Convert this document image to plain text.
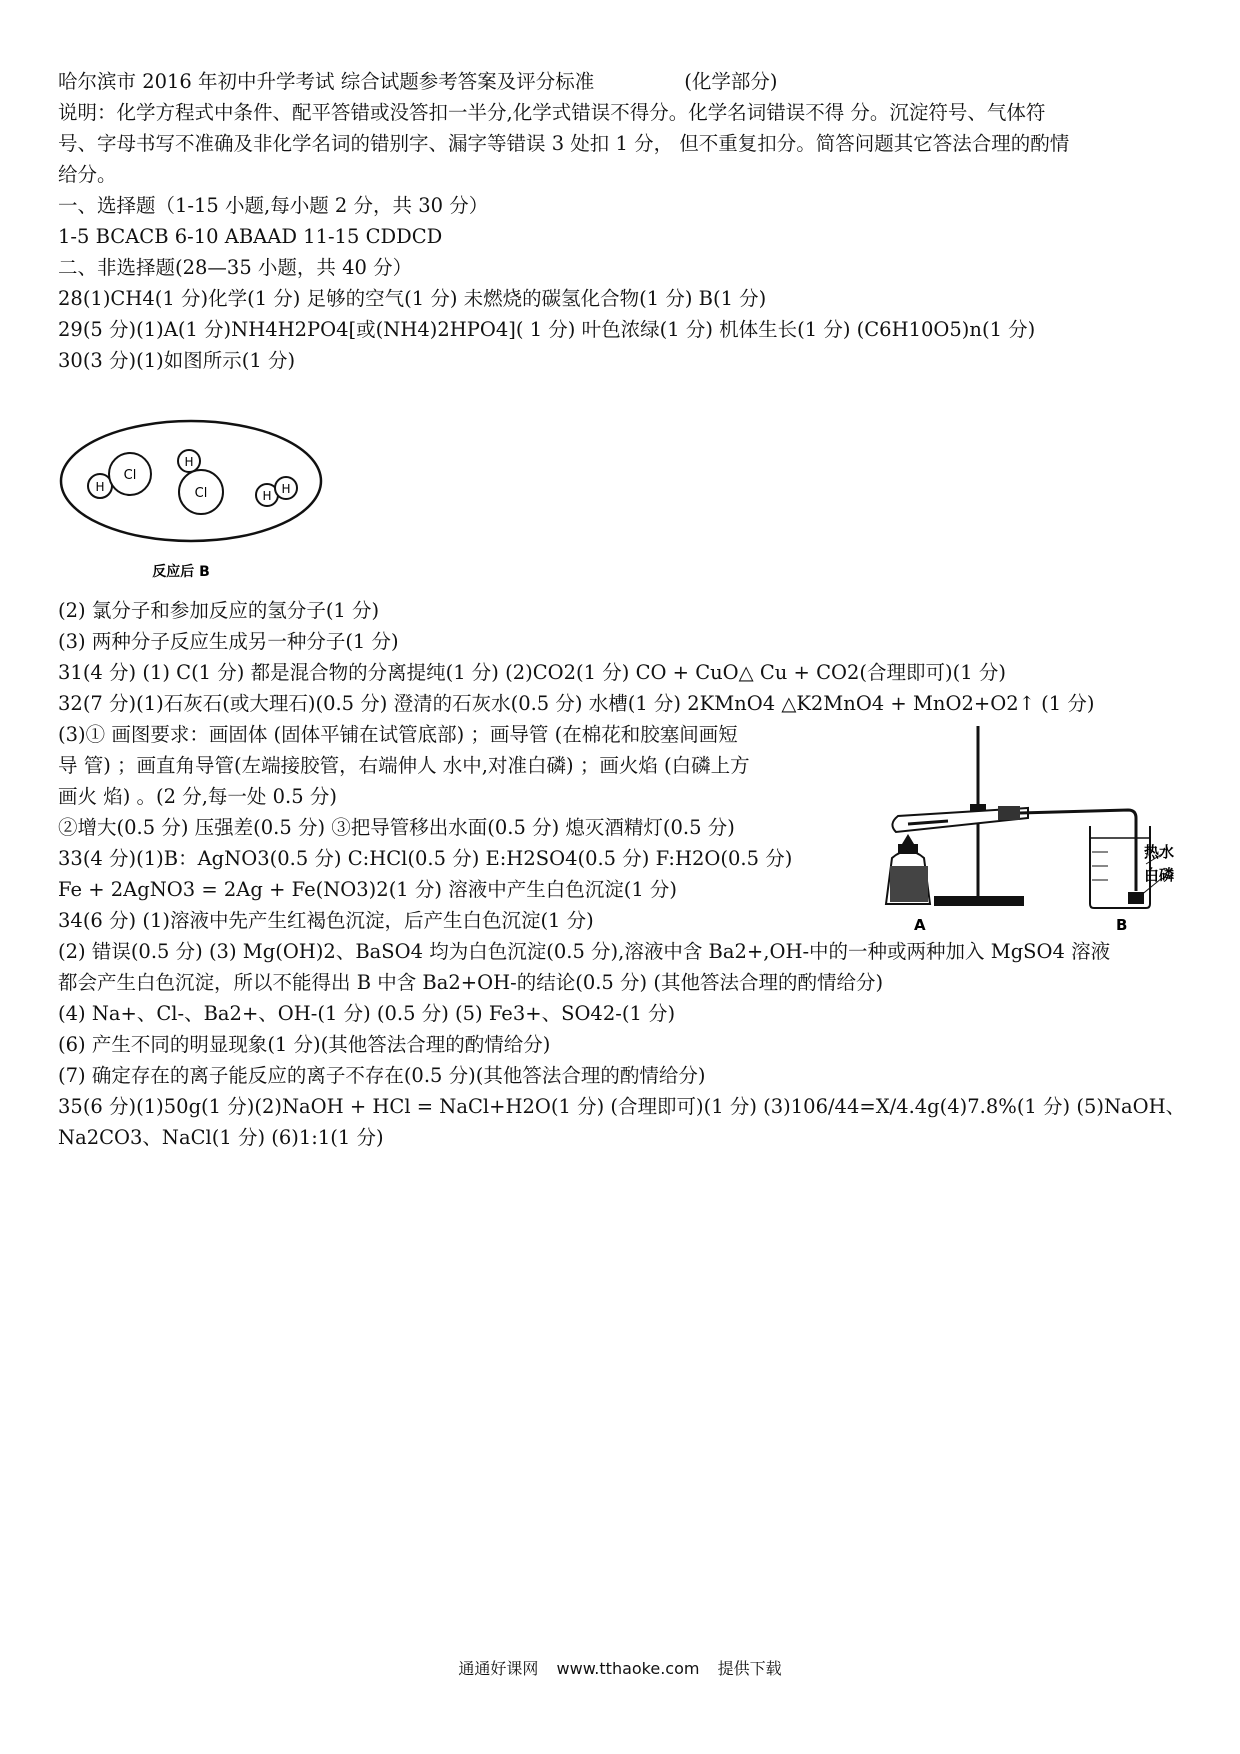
哈尔滨市 2016 年初中升学考试 综合试题参考答案及评分标准	(化学部分)
说明：化学方程式中条件、配平答错或没答扣一半分,化学式错误不得分。化学名词错误不得 分。沉淀符号、气体符
号、字母书写不准确及非化学名词的错别字、漏字等错误 3 处扣 1 分， 但不重复扣分。简答问题其它答法合理的酌情
给分。
一、选择题（1-15 小题,每小题 2 分，共 30 分）
1-5 BCACB 6-10 ABAAD 11-15 CDDCD
二、非选择题(28—35 小题，共 40 分）
28(1)CH4(1 分)化学(1 分) 足够的空气(1 分) 未燃烧的碳氢化合物(1 分) B(1 分)
29(5 分)(1)A(1 分)NH4H2PO4[或(NH4)2HPO4]( 1 分) 叶色浓绿(1 分) 机体生长(1 分) (C6H10O5)n(1 分)
30(3 分)(1)如图所示(1 分)
H
Cl
H
Cl	H H
反应后 B
(2) 氯分子和参加反应的氢分子(1 分)
(3) 两种分子反应生成另一种分子(1 分)
31(4 分) (1) C(1 分) 都是混合物的分离提纯(1 分) (2)CO2(1 分) CO + CuO△ Cu + CO2(合理即可)(1 分)
32(7 分)(1)石灰石(或大理石)(0.5 分) 澄清的石灰水(0.5 分) 水槽(1 分) 2KMnO4 △K2MnO4 + MnO2+O2↑ (1 分)
(3)① 画图要求：画固体 (固体平铺在试管底部) ；画导管 (在棉花和胶塞间画短
导 管) ；画直角导管(左端接胶管，右端伸人 水中,对准白磷) ；画火焰 (白磷上方
画火 焰) 。(2 分,每一处 0.5 分)
②增大(0.5 分) 压强差(0.5 分) ③把导管移出水面(0.5 分) 熄灭酒精灯(0.5 分)
33(4 分)(1)B：AgNO3(0.5 分) C:HCl(0.5 分) E:H2SO4(0.5 分) F:H2O(0.5 分)
Fe + 2AgNO3 = 2Ag + Fe(NO3)2(1 分) 溶液中产生白色沉淀(1 分)
34(6 分) (1)溶液中先产生红褐色沉淀，后产生白色沉淀(1 分)
热水
白磷
A	B
(2) 错误(0.5 分) (3) Mg(OH)2、BaSO4 均为白色沉淀(0.5 分),溶液中含 Ba2+,OH-中的一种或两种加入 MgSO4 溶液
都会产生白色沉淀，所以不能得出 B 中含 Ba2+OH-的结论(0.5 分) (其他答法合理的酌情给分)
(4) Na+、Cl-、Ba2+、OH-(1 分) (0.5 分) (5) Fe3+、SO42-(1 分)
(6) 产生不同的明显现象(1 分)(其他答法合理的酌情给分)
(7) 确定存在的离子能反应的离子不存在(0.5 分)(其他答法合理的酌情给分)
35(6 分)(1)50g(1 分)(2)NaOH + HCl = NaCl+H2O(1 分) (合理即可)(1 分) (3)106/44=X/4.4g(4)7.8%(1 分) (5)NaOH、
Na2CO3、NaCl(1 分) (6)1:1(1 分)
通通好课网 www.tthaoke.com 提供下载
